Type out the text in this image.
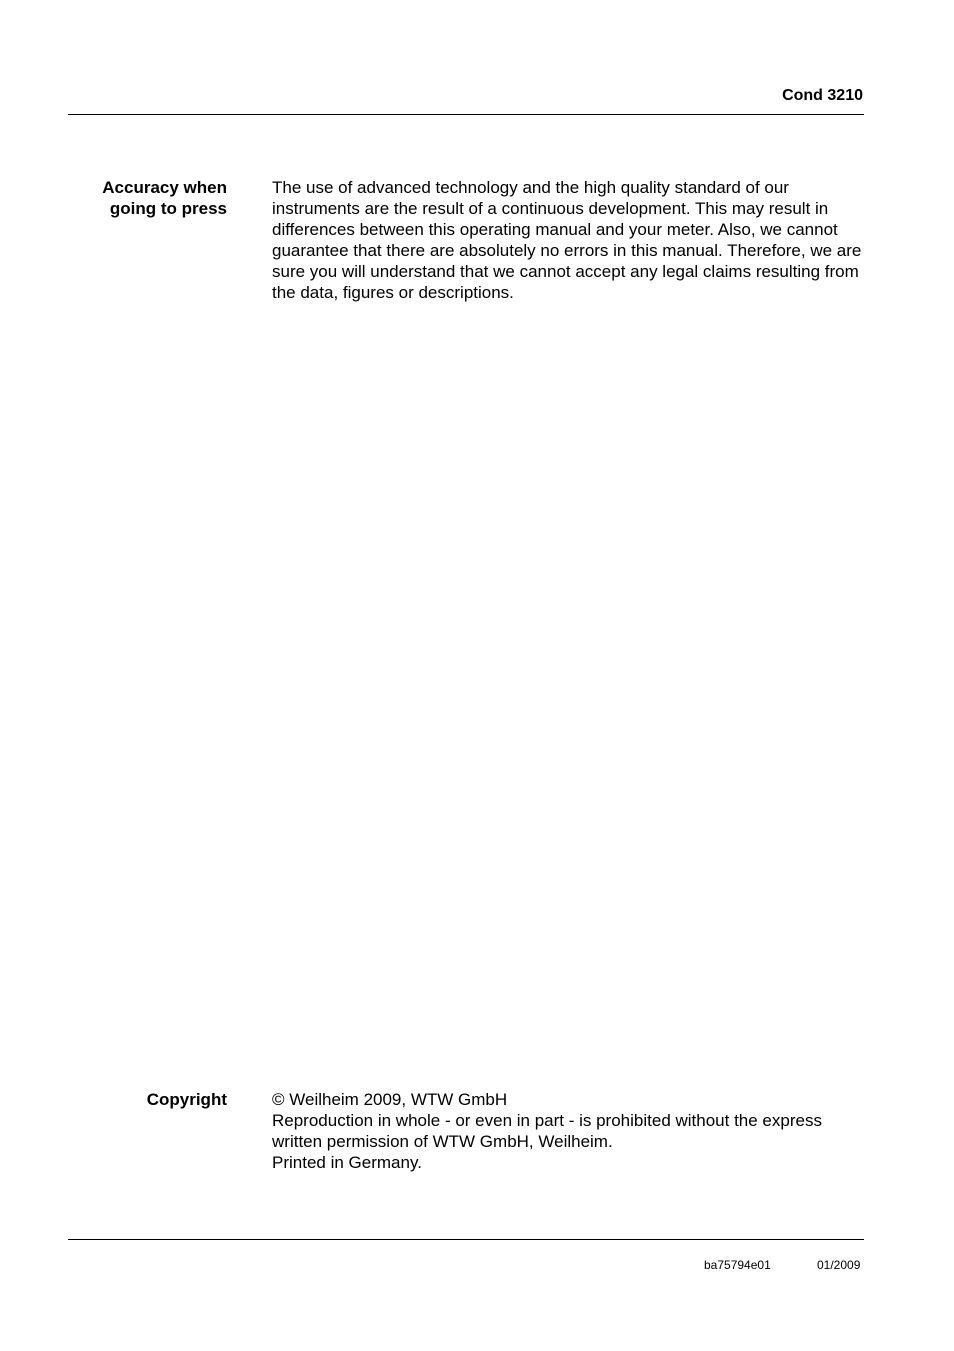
Cond 3210
Accuracy when
going to press

The use of advanced technology and the high quality standard of our instruments are the result of a continuous development. This may result in differences between this operating manual and your meter. Also, we cannot guarantee that there are absolutely no errors in this manual. Therefore, we are sure you will understand that we cannot accept any legal claims resulting from the data, figures or descriptions.

Copyright	© Weilheim 2009, WTW GmbH

Reproduction in whole - or even in part - is prohibited without the express written permission of WTW GmbH, Weilheim.

Printed in Germany.

ba75794e01	01/2009
